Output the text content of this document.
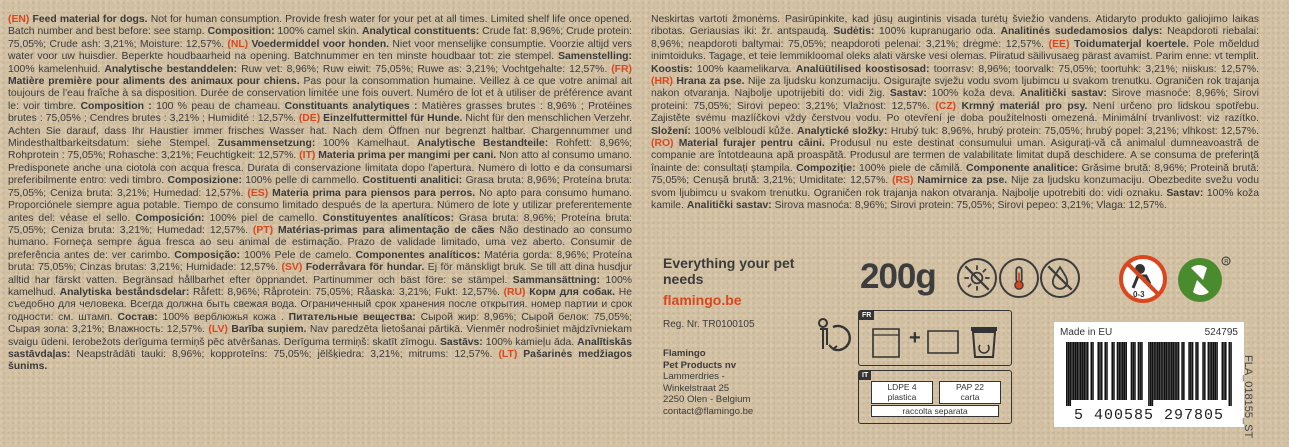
(EN) Feed material for dogs. Not for human consumption. Provide fresh water for your pet at all times. Limited shelf life once opened. Batch number and best before: see stamp. Composition: 100% camel skin. Analytical constituents: Crude fat: 8,96%; Crude protein: 75,05%; Crude ash: 3,21%; Moisture: 12,57%. (NL) Voedermiddel voor honden. Niet voor menselijke consumptie. Voorzie altijd vers water voor uw huisdier. Beperkte houdbaarheid na opening. Batchnummer en ten minste houdbaar tot: zie stempel. Samenstelling: 100% kamelenhuid. Analytische bestanddelen: Ruw vet: 8,96%; Ruw eiwit: 75,05%; Ruwe as: 3,21%; Vochtgehalte: 12,57%. (FR) Matière première pour aliments des animaux pour chiens. Pas pour la consommation humaine. Veillez à ce que votre animal ait toujours de l'eau fraîche à sa disposition. Durée de conservation limitée une fois ouvert. Numéro de lot et à utiliser de préférence avant le: voir timbre. Composition : 100 % peau de chameau. Constituants analytiques : Matières grasses brutes : 8,96% ; Protéines brutes : 75,05% ; Cendres brutes : 3,21% ; Humidité : 12,57%. (DE) Einzelfuttermittel für Hunde. Nicht für den menschlichen Verzehr. Achten Sie darauf, dass Ihr Haustier immer frisches Wasser hat. Nach dem Öffnen nur begrenzt haltbar. Chargennummer und Mindesthaltbarkeitsdatum: siehe Stempel. Zusammensetzung: 100% Kamelhaut. Analytische Bestandteile: Rohfett: 8,96%; Rohprotein : 75,05%; Rohasche: 3,21%; Feuchtigkeit: 12,57%. (IT) Materia prima per mangimi per cani. Non atto al consumo umano. Predisponete anche una ciotola con acqua fresca. Durata di conservazione limitata dopo l'apertura. Numero di lotto e da consumarsi preferibilmente entro: vedi timbro. Composizione: 100% pelle di cammello. Costituenti analitici: Grasa bruta: 8,96%; Proteína bruta: 75,05%; Ceniza bruta: 3,21%; Humedad: 12,57%. (ES) Materia prima para piensos para perros. No apto para consumo humano. Proporciónele siempre agua potable. Tiempo de consumo limitado después de la apertura. Número de lote y utilizar preferentemente antes del: véase el sello. Composición: 100% piel de camello. Constituyentes analíticos: Grasa bruta: 8,96%; Proteína bruta: 75,05%; Ceniza bruta: 3,21%; Humedad: 12,57%. (PT) Matérias-primas para alimentação de cães Não destinado ao consumo humano. Forneça sempre água fresca ao seu animal de estimação. Prazo de validade limitado, uma vez aberto. Consumir de preferência antes de: ver carimbo. Composição: 100% Pele de camelo. Componentes analíticos: Matéria gorda: 8,96%; Proteína bruta: 75,05%; Cinzas brutas: 3,21%; Humidade: 12,57%. (SV) Foderråvara för hundar. Ej för mänskligt bruk. Se till att dina husdjur alltid har färskt vatten. Begränsad hållbarhet efter öppnandet. Partinummer och bäst före: se stämpel. Sammansättning: 100% kamelhud. Analytiska beståndsdelar: Råfett: 8,96%; Råprotein: 75,05%; Råaska: 3,21%; Fukt: 12,57%. (RU) Корм для собак. Не съедобно для человека. Всегда должна быть свежая вода. Ограниченный срок хранения после открытия. номер партии и срок годности: см. штамп. Состав: 100% верблюжья кожа . Питательные вещества: Сырой жир: 8,96%; Сырой белок: 75,05%; Сырая зола: 3,21%; Влажность: 12,57%. (LV) Barība suņiem. Nav paredzēta lietošanai pārtikā. Vienmēr nodrošiniet mājdzīvniekam svaigu ūdeni. Ierobežots derīguma termiņš pēc atvēršanas. Derīguma termiņš: skatīt zīmogu. Sastāvs: 100% kamieļu āda. Analītiskās sastāvdaļas: Neapstrādāti tauki: 8,96%; kopproteīns: 75,05%; jēlšķiedra: 3,21%; mitrums: 12,57%. (LT) Pašarinės medžiagos šunims.
Neskirtas vartoti žmonėms. Pasirūpinkite, kad jūsų augintinis visada turėtų šviežio vandens. Atidaryto produkto galiojimo laikas ribotas. Geriausias iki: žr. antspaudą. Sudėtis: 100% kupranugario oda. Analitinės sudedamosios dalys: Neapdoroti riebalai: 8,96%; neapdoroti baltymai: 75,05%; neapdoroti pelenai: 3,21%; drėgmė: 12,57%. (EE) Toidumaterjal koertele. Pole mõeldud inimtoiduks. Tagage, et teie lemmikloomal oleks alati värske vesi olemas. Piiratud säilivusaeg pärast avamist. Parim enne: vt templit. Koostis: 100% kaamelikarva. Analüütilised koostisosad: toorrasv: 8,96%; toorvalk: 75,05%; toortuhk: 3,21%; niiskus: 12,57%. (HR) Hrana za pse. Nije za ljudsku konzumaciju. Osigurajte svježu vodu svom ljubimcu u svakom trenutku. Ograničen rok trajanja nakon otvaranja. Najbolje upotrijebiti do: vidi žig. Sastav: 100% koža deva. Analitički sastav: Sirove masnoće: 8,96%; Sirovi proteini: 75,05%; Sirovi pepeo: 3,21%; Vlažnost: 12,57%. (CZ) Krmný materiál pro psy. Není určeno pro lidskou spotřebu. Zajistěte svému mazlíčkovi vždy čerstvou vodu. Po otevření je doba použitelnosti omezená. Minimální trvanlivost: viz razítko. Složení: 100% velbloudí kůže. Analytické složky: Hrubý tuk: 8,96%, hrubý protein: 75,05%; hrubý popel: 3,21%; vlhkost: 12,57%. (RO) Material furajer pentru câini. Produsul nu este destinat consumului uman. Asigurați-vă că animalul dumneavoastră de companie are întotdeauna apă proaspătă. Produsul are termen de valabilitate limitat după deschidere. A se consuma de preferință înainte de: consultați ștampila. Compoziție: 100% piele de cămilă. Componente analitice: Grăsime brută: 8,96%; Proteină brută: 75,05%; Cenușă brută: 3,21%; Umiditate: 12,57%. (RS) Namirnice za pse. Nije za ljudsku konzumaciju. Obezbedite svežu vodu svom ljubimcu u svakom trenutku. Ograničen rok trajanja nakon otvaranja. Najbolje upotrebiti do: vidi oznaku. Sastav: 100% koža kamile. Analitički sastav: Sirova masnoća: 8,96%; Sirovi protein: 75,05%; Sirovi pepeo: 3,21%; Vlaga: 12,57%.
Everything your pet needs
flamingo.be
Reg. Nr. TR0100105
Flamingo
Pet Products nv
Lammerdries -
Winkelstraat 25
2250 Olen - Belgium
contact@flamingo.be
200g	0-3
R
FR
+
IT
LDPE 4
plastica
PAP 22
carta
raccolta separata
Made in EU	524795
5 400585 297805	FLA_018155_ST
